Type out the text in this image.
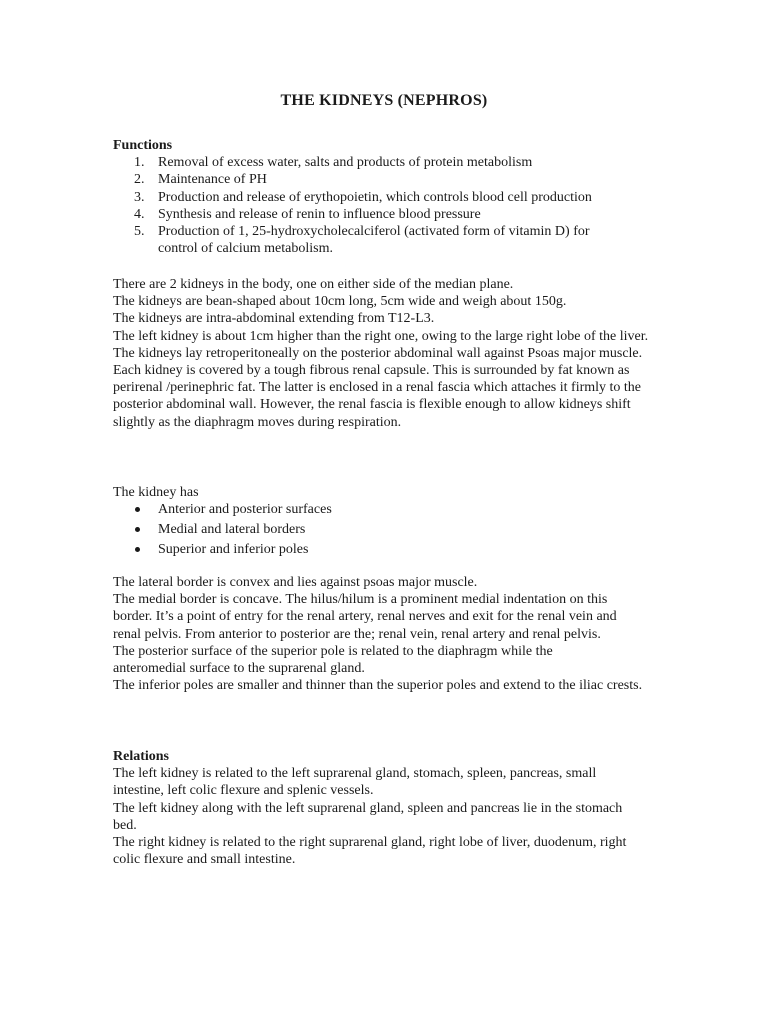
THE KIDNEYS (NEPHROS)
Functions
1. Removal of excess water, salts and products of protein metabolism
2. Maintenance of PH
3. Production and release of erythopoietin, which controls blood cell production
4. Synthesis and release of renin to influence blood pressure
5. Production of 1, 25-hydroxycholecalciferol (activated form of vitamin D) for control of calcium metabolism.

There are 2 kidneys in the body, one on either side of the median plane.

The kidneys are bean-shaped about 10cm long, 5cm wide and weigh about 150g.

The kidneys are intra-abdominal extending from T12-L3.

The left kidney is about 1cm higher than the right one, owing to the large right lobe of the liver.

The kidneys lay retroperitoneally on the posterior abdominal wall against Psoas major muscle.

Each kidney is covered by a tough fibrous renal capsule. This is surrounded by fat known as perirenal /perinephric fat. The latter is enclosed in a renal fascia which attaches it firmly to the posterior abdominal wall. However, the renal fascia is flexible enough to allow kidneys shift slightly as the diaphragm moves during respiration.

The kidney has

Anterior and posterior surfaces
Medial and lateral borders
Superior and inferior poles

The lateral border is convex and lies against psoas major muscle.

The medial border is concave. The hilus/hilum is a prominent medial indentation on this border. It’s a point of entry for the renal artery, renal nerves and exit for the renal vein and renal pelvis. From anterior to posterior are the; renal vein, renal artery and renal pelvis.

The posterior surface of the superior pole is related to the diaphragm while the anteromedial surface to the suprarenal gland.

The inferior poles are smaller and thinner than the superior poles and extend to the iliac crests.

Relations

The left kidney is related to the left suprarenal gland, stomach, spleen, pancreas, small intestine, left colic flexure and splenic vessels.

The left kidney along with the left suprarenal gland, spleen and pancreas lie in the stomach bed.

The right kidney is related to the right suprarenal gland, right lobe of liver, duodenum, right colic flexure and small intestine.
